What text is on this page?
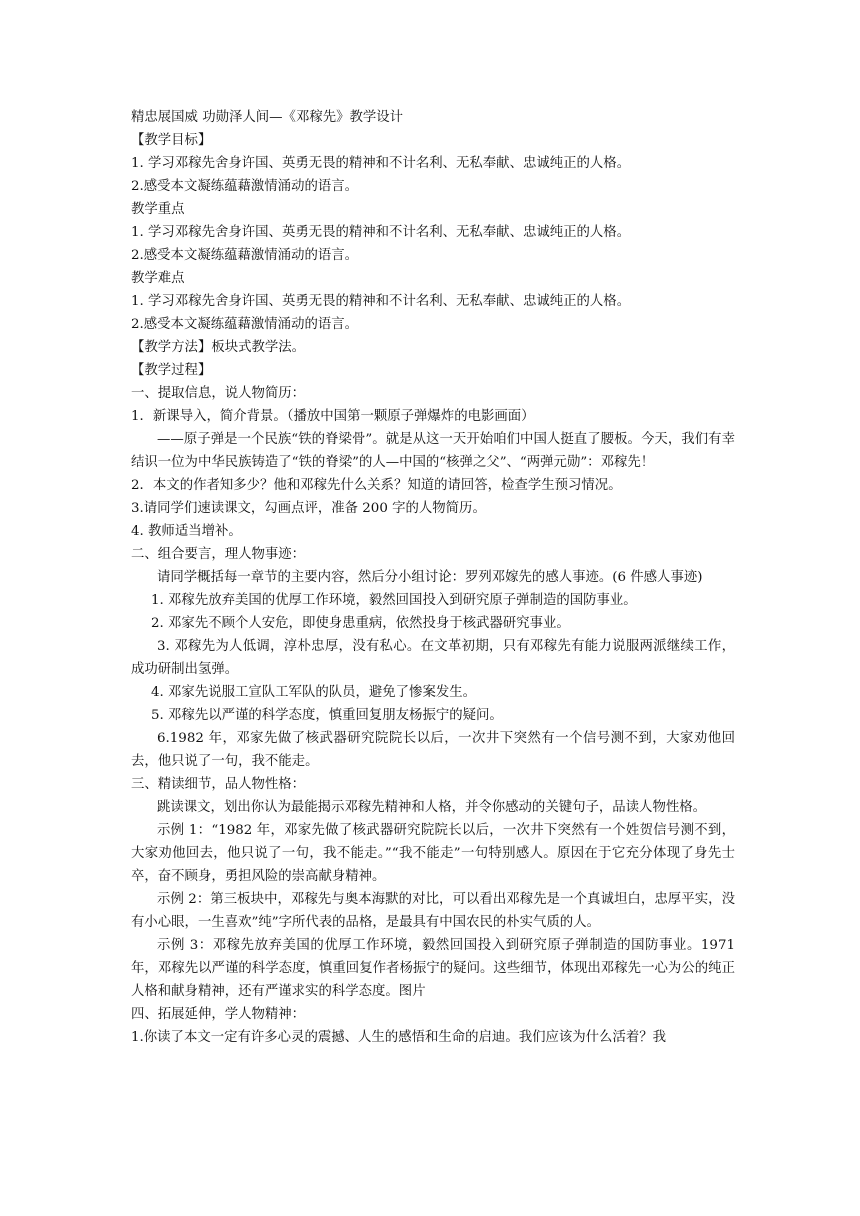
精忠展国威 功勋泽人间—《邓稼先》教学设计

【教学目标】

1. 学习邓稼先舍身许国、英勇无畏的精神和不计名利、无私奉献、忠诚纯正的人格。

2.感受本文凝练蕴藉激情涌动的语言。

教学重点

1. 学习邓稼先舍身许国、英勇无畏的精神和不计名利、无私奉献、忠诚纯正的人格。

2.感受本文凝练蕴藉激情涌动的语言。

教学难点

1. 学习邓稼先舍身许国、英勇无畏的精神和不计名利、无私奉献、忠诚纯正的人格。

2.感受本文凝练蕴藉激情涌动的语言。

【教学方法】板块式教学法。

【教学过程】

一、提取信息，说人物简历：

1．新课导入，简介背景。（播放中国第一颗原子弹爆炸的电影画面）

——原子弹是一个民族“铁的脊梁骨”。就是从这一天开始咱们中国人挺直了腰板。今天，我们有幸结识一位为中华民族铸造了“铁的脊梁”的人—中国的“核弹之父”、“两弹元勋”：邓稼先！

2．本文的作者知多少？他和邓稼先什么关系？知道的请回答，检查学生预习情况。

3.请同学们速读课文，勾画点评，准备 200 字的人物简历。

4. 教师适当增补。

二、组合要言，理人物事迹：

请同学概括每一章节的主要内容，然后分小组讨论：罗列邓嫁先的感人事迹。(6 件感人事迹)

1. 邓稼先放弃美国的优厚工作环境，毅然回国投入到研究原子弹制造的国防事业。

2. 邓家先不顾个人安危，即使身患重病，依然投身于核武器研究事业。

3. 邓稼先为人低调，淳朴忠厚，没有私心。在文革初期，只有邓稼先有能力说服两派继续工作，成功研制出氢弹。

4. 邓家先说服工宣队工军队的队员，避免了惨案发生。

5. 邓稼先以严谨的科学态度，慎重回复朋友杨振宁的疑问。

6.1982 年，邓家先做了核武器研究院院长以后，一次井下突然有一个信号测不到，大家劝他回去，他只说了一句，我不能走。

三、精读细节，品人物性格：

跳读课文，划出你认为最能揭示邓稼先精神和人格，并令你感动的关键句子，品读人物性格。

示例 1：“1982 年，邓家先做了核武器研究院院长以后，一次井下突然有一个姓贺信号测不到，大家劝他回去，他只说了一句，我不能走。”“我不能走”一句特别感人。原因在于它充分体现了身先士卒，奋不顾身，勇担风险的崇高献身精神。

示例 2：第三板块中，邓稼先与奥本海默的对比，可以看出邓稼先是一个真诚坦白，忠厚平实，没有小心眼，一生喜欢”纯”字所代表的品格，是最具有中国农民的朴实气质的人。

示例 3：邓稼先放弃美国的优厚工作环境，毅然回国投入到研究原子弹制造的国防事业。1971 年，邓稼先以严谨的科学态度，慎重回复作者杨振宁的疑问。这些细节，体现出邓稼先一心为公的纯正人格和献身精神，还有严谨求实的科学态度。图片

四、拓展延伸，学人物精神：

1.你读了本文一定有许多心灵的震撼、人生的感悟和生命的启迪。我们应该为什么活着？我
